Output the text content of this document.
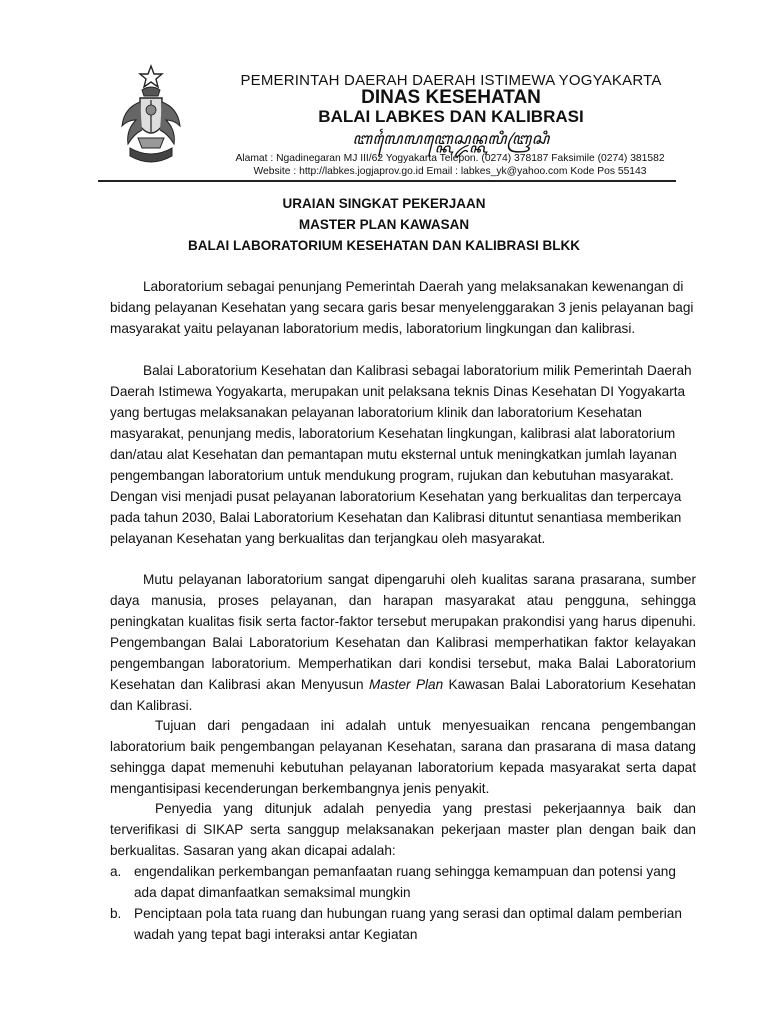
PEMERINTAH DAERAH DAERAH ISTIMEWA YOGYAKARTA
DINAS KESEHATAN
BALAI LABKES DAN KALIBRASI
ꦧꦭꦻꦭꦧ꧀ꦏꦺꦱ꧀ꦢꦤ꧀ꦏꦭꦶꦧꦿꦱꦶ
Alamat : Ngadinegaran MJ III/62 Yogyakarta Telepon. (0274) 378187 Faksimile (0274) 381582
Website : http://labkes.jogjaprov.go.id Email : labkes_yk@yahoo.com Kode Pos 55143
URAIAN SINGKAT PEKERJAAN
MASTER PLAN KAWASAN
BALAI LABORATORIUM KESEHATAN DAN KALIBRASI BLKK

Laboratorium sebagai penunjang Pemerintah Daerah yang melaksanakan kewenangan di bidang pelayanan Kesehatan yang secara garis besar menyelenggarakan 3 jenis pelayanan bagi masyarakat yaitu pelayanan laboratorium medis, laboratorium lingkungan dan kalibrasi.

Balai Laboratorium Kesehatan dan Kalibrasi sebagai laboratorium milik Pemerintah Daerah Daerah Istimewa Yogyakarta, merupakan unit pelaksana teknis Dinas Kesehatan DI Yogyakarta yang bertugas melaksanakan pelayanan laboratorium klinik dan laboratorium Kesehatan masyarakat, penunjang medis, laboratorium Kesehatan lingkungan, kalibrasi alat laboratorium dan/atau alat Kesehatan dan pemantapan mutu eksternal untuk meningkatkan jumlah layanan pengembangan laboratorium untuk mendukung program, rujukan dan kebutuhan masyarakat. Dengan visi menjadi pusat pelayanan laboratorium Kesehatan yang berkualitas dan terpercaya pada tahun 2030, Balai Laboratorium Kesehatan dan Kalibrasi dituntut senantiasa memberikan pelayanan Kesehatan yang berkualitas dan terjangkau oleh masyarakat.

Mutu pelayanan laboratorium sangat dipengaruhi oleh kualitas sarana prasarana, sumber daya manusia, proses pelayanan, dan harapan masyarakat atau pengguna, sehingga peningkatan kualitas fisik serta factor-faktor tersebut merupakan prakondisi yang harus dipenuhi. Pengembangan Balai Laboratorium Kesehatan dan Kalibrasi memperhatikan faktor kelayakan pengembangan laboratorium. Memperhatikan dari kondisi tersebut, maka Balai Laboratorium Kesehatan dan Kalibrasi akan Menyusun Master Plan Kawasan Balai Laboratorium Kesehatan dan Kalibrasi.

Tujuan dari pengadaan ini adalah untuk menyesuaikan rencana pengembangan laboratorium baik pengembangan pelayanan Kesehatan, sarana dan prasarana di masa datang sehingga dapat memenuhi kebutuhan pelayanan laboratorium kepada masyarakat serta dapat mengantisipasi kecenderungan berkembangnya jenis penyakit.

Penyedia yang ditunjuk adalah penyedia yang prestasi pekerjaannya baik dan terverifikasi di SIKAP serta sanggup melaksanakan pekerjaan master plan dengan baik dan berkualitas. Sasaran yang akan dicapai adalah:

a. engendalikan perkembangan pemanfaatan ruang sehingga kemampuan dan potensi yang ada dapat dimanfaatkan semaksimal mungkin
b. Penciptaan pola tata ruang dan hubungan ruang yang serasi dan optimal dalam pemberian wadah yang tepat bagi interaksi antar Kegiatan
